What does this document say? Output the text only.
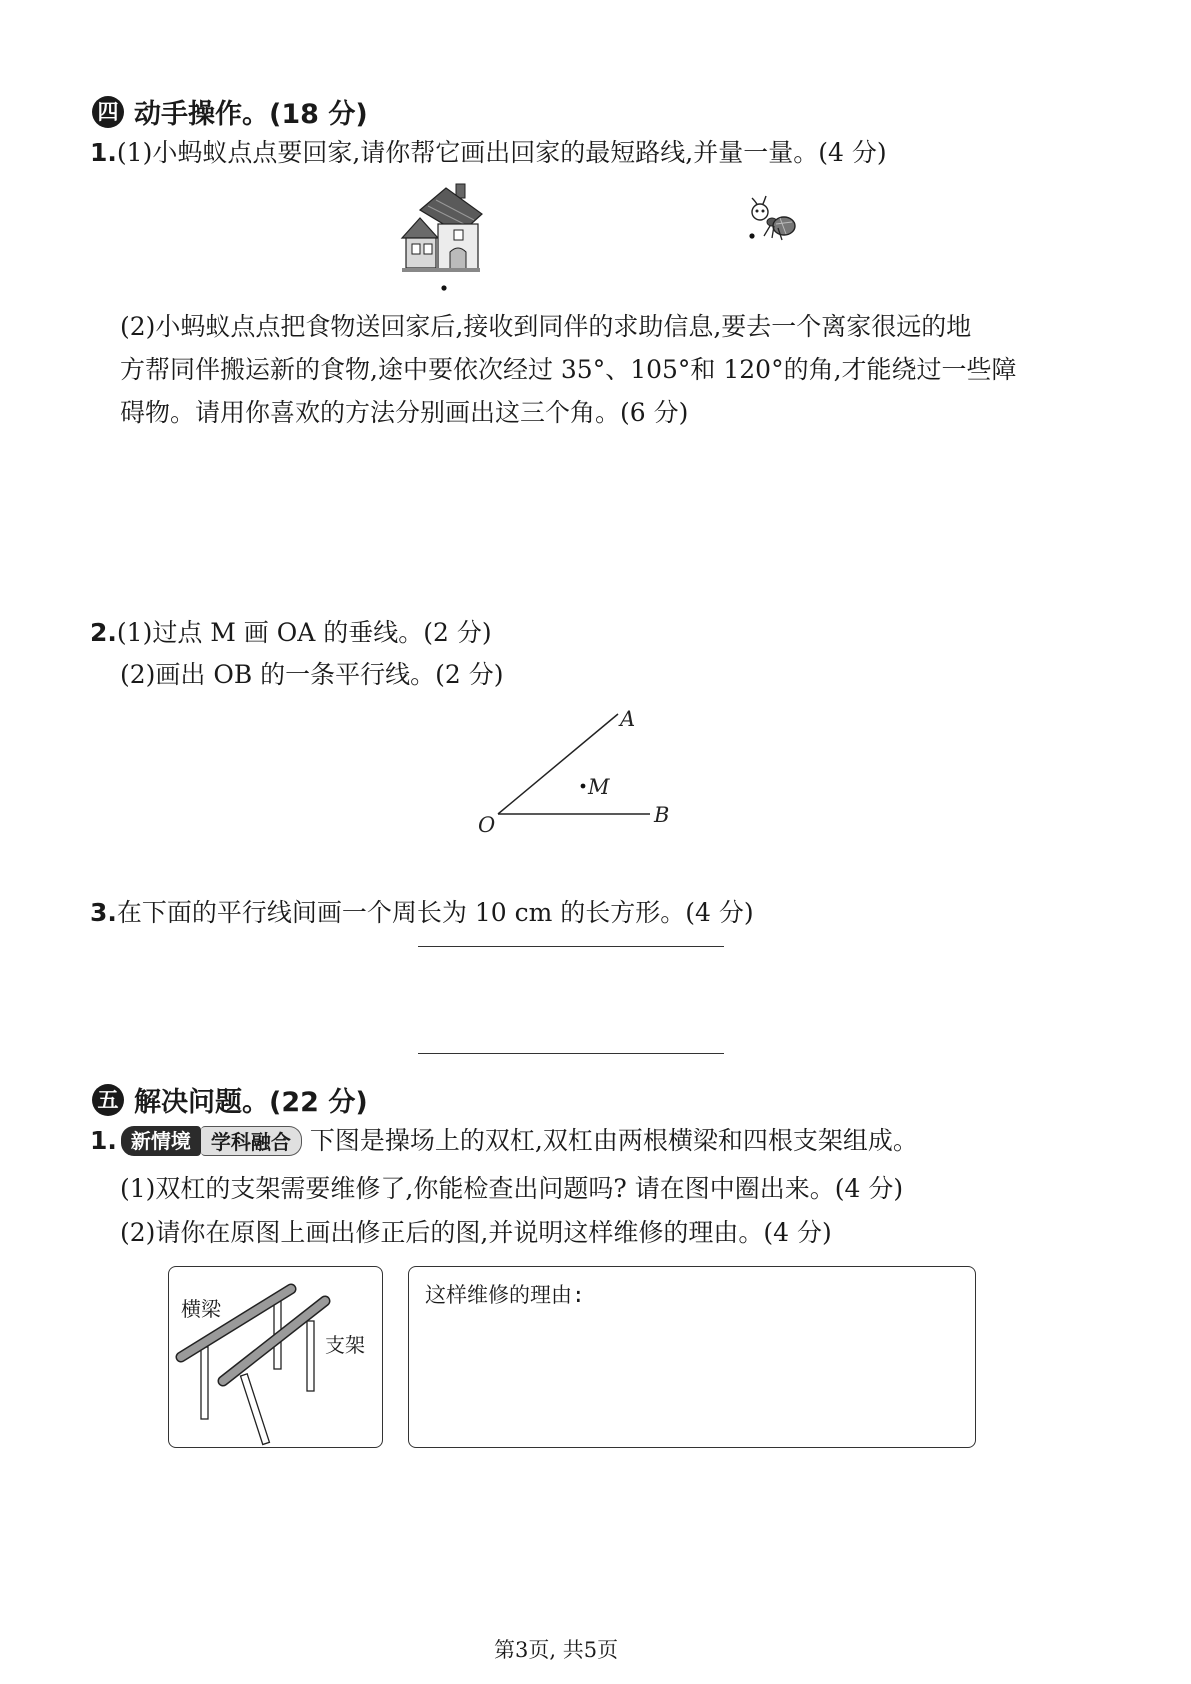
四 动手操作。(18 分)
1.(1)小蚂蚁点点要回家,请你帮它画出回家的最短路线,并量一量。(4 分)
(2)小蚂蚁点点把食物送回家后,接收到同伴的求助信息,要去一个离家很远的地
方帮同伴搬运新的食物,途中要依次经过 35°、105°和 120°的角,才能绕过一些障
碍物。请用你喜欢的方法分别画出这三个角。(6 分)
2.(1)过点 M 画 OA 的垂线。(2 分)
(2)画出 OB 的一条平行线。(2 分)
A
B
O
M
3.在下面的平行线间画一个周长为 10 cm 的长方形。(4 分)
五 解决问题。(22 分)
1. 新情境	学科融合 下图是操场上的双杠,双杠由两根横梁和四根支架组成。
(1)双杠的支架需要维修了,你能检查出问题吗? 请在图中圈出来。(4 分)
(2)请你在原图上画出修正后的图,并说明这样维修的理由。(4 分)
横梁
支架
这样维修的理由:
第3页, 共5页
